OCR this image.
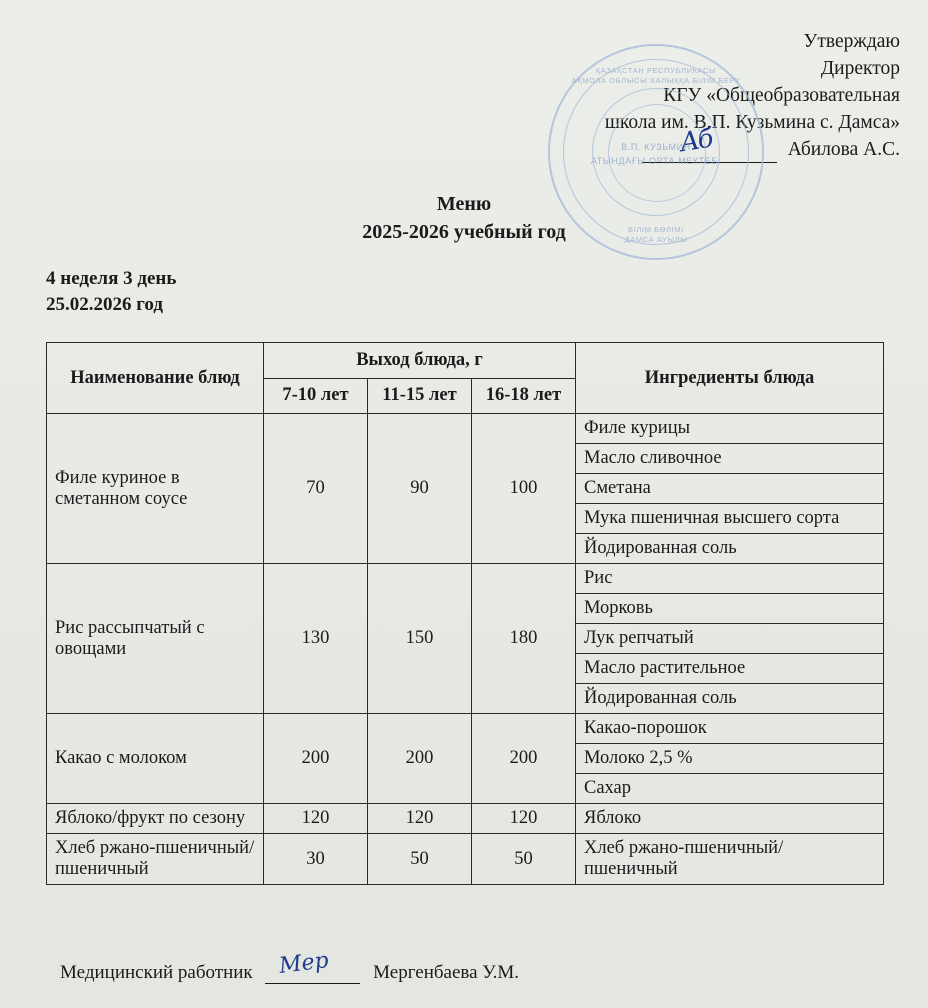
Утверждаю
Директор
КГУ «Общеобразовательная
школа им. В.П. Кузьмина с. Дамса»
Аб	Абилова А.С.
ҚАЗАҚСТАН РЕСПУБЛИКАСЫ
АҚМОЛА ОБЛЫСЫ ХАЛЫҚҚА БІЛІМ БЕРУ
В.П. КУЗЬМИН
АТЫНДАҒЫ ОРТА МЕКТЕБІ
БІЛІМ БӨЛІМІ
ДАМСА АУЫЛЫ
Меню
2025-2026 учебный год
4 неделя 3 день
25.02.2026 год
Наименование блюд	Выход блюда, г			Ингредиенты блюда
	7-10 лет	11-15 лет	16-18 лет	
Филе куриное в сметанном соусе	70	90	100	Филе курицы
				Масло сливочное
				Сметана
				Мука пшеничная высшего сорта
				Йодированная соль
Рис рассыпчатый с овощами	130	150	180	Рис
				Морковь
				Лук репчатый
				Масло растительное
				Йодированная соль
Какао с молоком	200	200	200	Какао-порошок
				Молоко 2,5 %
				Сахар
Яблоко/фрукт по сезону	120	120	120	Яблоко
Хлеб ржано-пшеничный/ пшеничный	30	50	50	Хлеб ржано-пшеничный/ пшеничный
Медицинский работник Мер Мергенбаева У.М.
